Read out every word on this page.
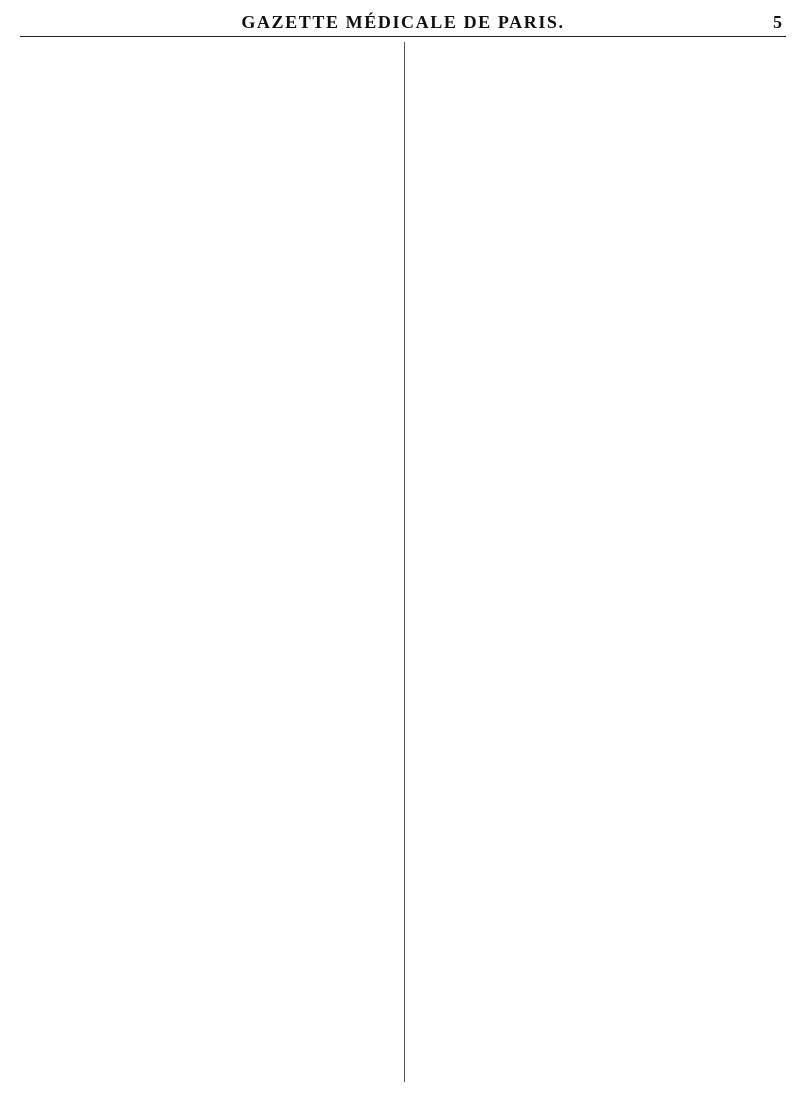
GAZETTE MÉDICALE DE PARIS.	5
